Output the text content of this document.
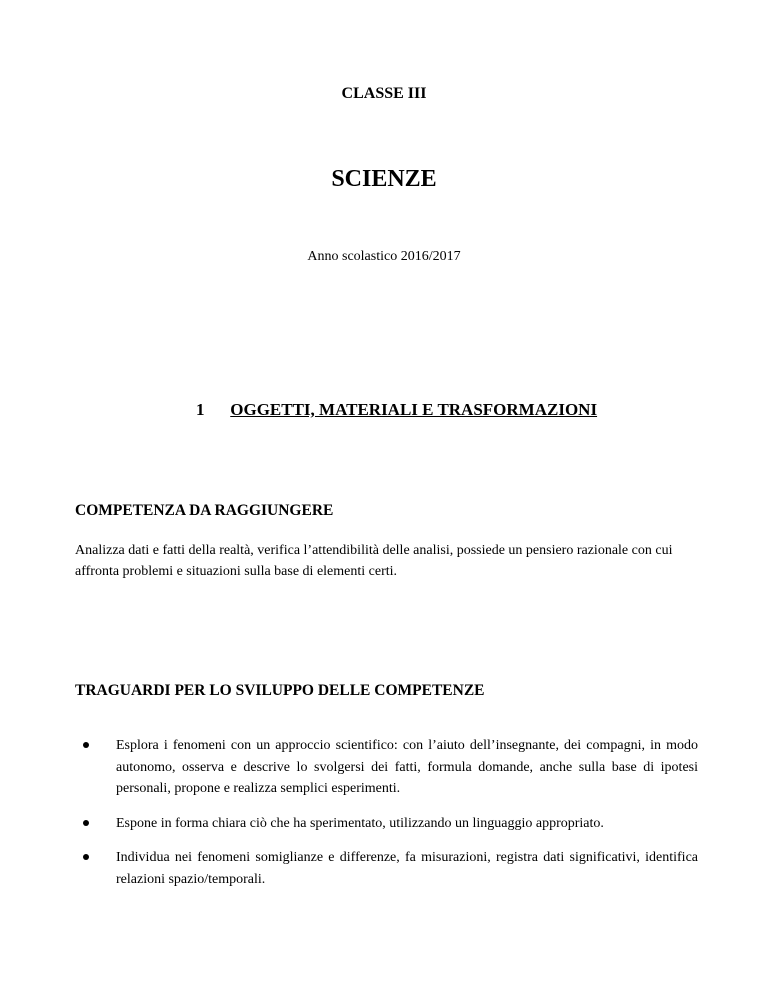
CLASSE III
SCIENZE
Anno scolastico 2016/2017
1 OGGETTI, MATERIALI E TRASFORMAZIONI
COMPETENZA DA RAGGIUNGERE
Analizza dati e fatti della realtà, verifica l’attendibilità delle analisi, possiede un pensiero razionale con cui affronta problemi e situazioni sulla base di elementi certi.
TRAGUARDI PER LO SVILUPPO DELLE COMPETENZE
Esplora i fenomeni con un approccio scientifico: con l’aiuto dell’insegnante, dei compagni, in modo autonomo, osserva e descrive lo svolgersi dei fatti, formula domande, anche sulla base di ipotesi personali, propone e realizza semplici esperimenti.
Espone in forma chiara ciò che ha sperimentato, utilizzando un linguaggio appropriato.
Individua nei fenomeni somiglianze e differenze, fa misurazioni, registra dati significativi, identifica relazioni spazio/temporali.
